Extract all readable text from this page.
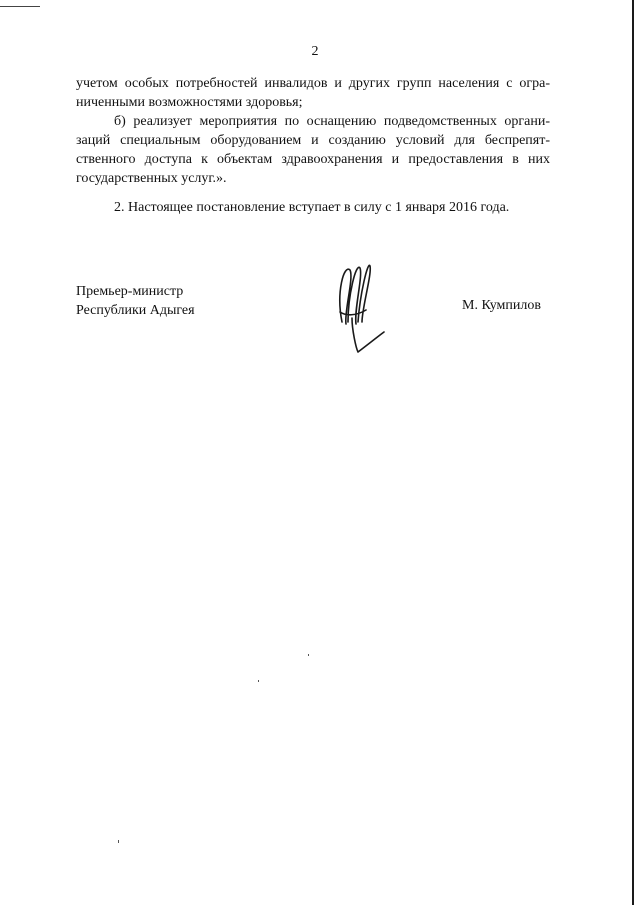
2

учетом особых потребностей инвалидов и других групп населения с огра-

ниченными возможностями здоровья;

б) реализует мероприятия по оснащению подведомственных органи-

заций специальным оборудованием и созданию условий для беспрепят-

ственного доступа к объектам здравоохранения и предоставления в них

государственных услуг.».

2. Настоящее постановление вступает в силу с 1 января 2016 года.
Премьер-министр
Республики Адыгея	М. Кумпилов
